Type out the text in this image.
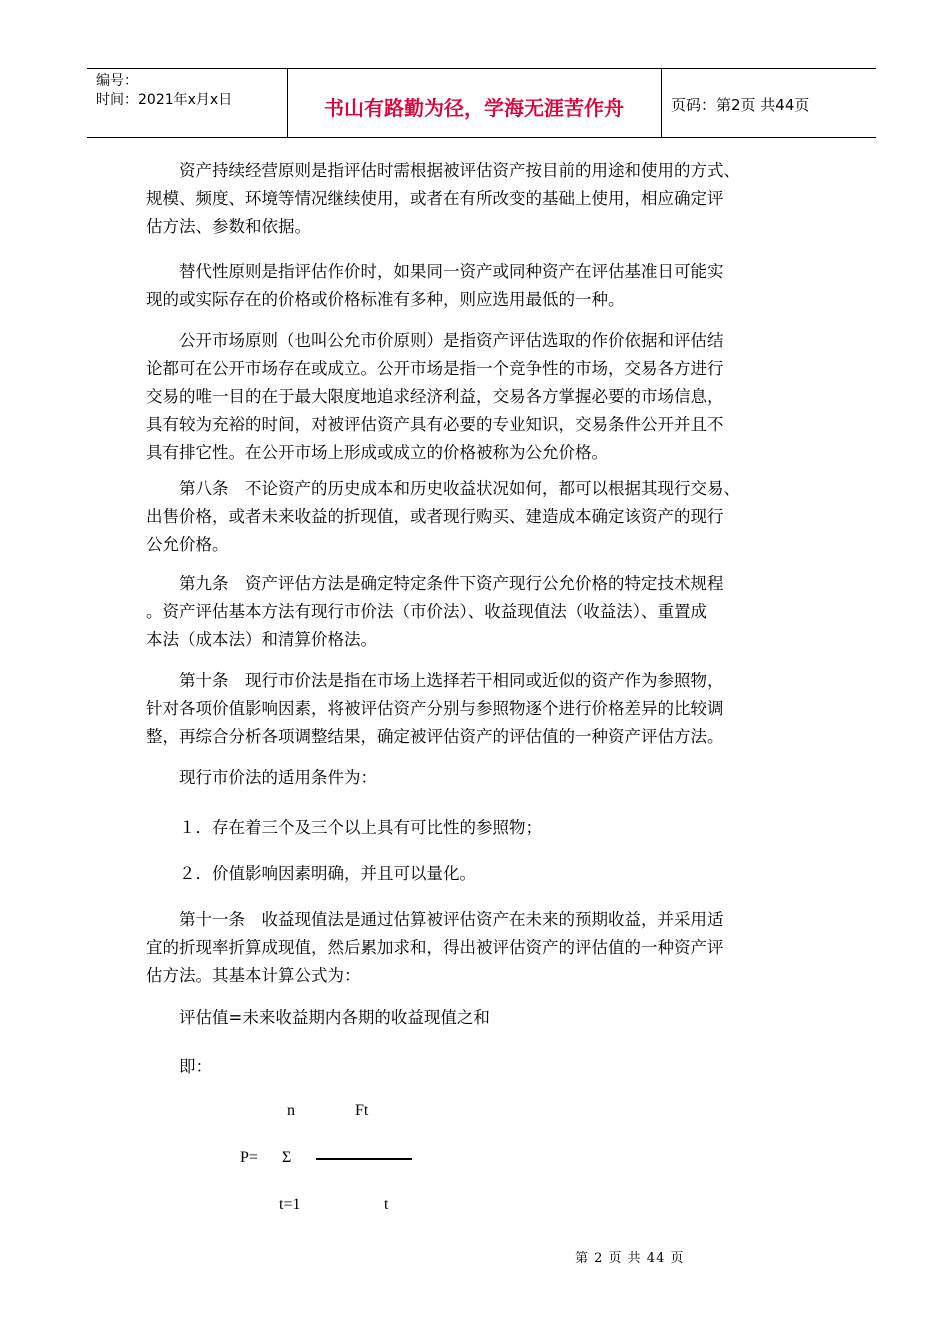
编号：
时间：2021年x月x日	书山有路勤为径，学海无涯苦作舟	页码：第2页 共44页
　　资产持续经营原则是指评估时需根据被评估资产按目前的用途和使用的方式、
规模、频度、环境等情况继续使用，或者在有所改变的基础上使用，相应确定评
估方法、参数和依据。
　　替代性原则是指评估作价时，如果同一资产或同种资产在评估基准日可能实
现的或实际存在的价格或价格标准有多种，则应选用最低的一种。
　　公开市场原则（也叫公允市价原则）是指资产评估选取的作价依据和评估结
论都可在公开市场存在或成立。公开市场是指一个竞争性的市场，交易各方进行
交易的唯一目的在于最大限度地追求经济利益，交易各方掌握必要的市场信息，
具有较为充裕的时间，对被评估资产具有必要的专业知识，交易条件公开并且不
具有排它性。在公开市场上形成或成立的价格被称为公允价格。
　　第八条　不论资产的历史成本和历史收益状况如何，都可以根据其现行交易、
出售价格，或者未来收益的折现值，或者现行购买、建造成本确定该资产的现行
公允价格。
　　第九条　资产评估方法是确定特定条件下资产现行公允价格的特定技术规程
。资产评估基本方法有现行市价法（市价法）、收益现值法（收益法）、重置成
本法（成本法）和清算价格法。
　　第十条　现行市价法是指在市场上选择若干相同或近似的资产作为参照物，
针对各项价值影响因素，将被评估资产分别与参照物逐个进行价格差异的比较调
整，再综合分析各项调整结果，确定被评估资产的评估值的一种资产评估方法。
　　现行市价法的适用条件为：
　　１．存在着三个及三个以上具有可比性的参照物；
　　２．价值影响因素明确，并且可以量化。
　　第十一条　收益现值法是通过估算被评估资产在未来的预期收益，并采用适
宜的折现率折算成现值，然后累加求和，得出被评估资产的评估值的一种资产评
估方法。其基本计算公式为：
　　评估值=未来收益期内各期的收益现值之和
　　即：
n	Ft
P= Σ
t=1	t
第 2 页 共 44 页
